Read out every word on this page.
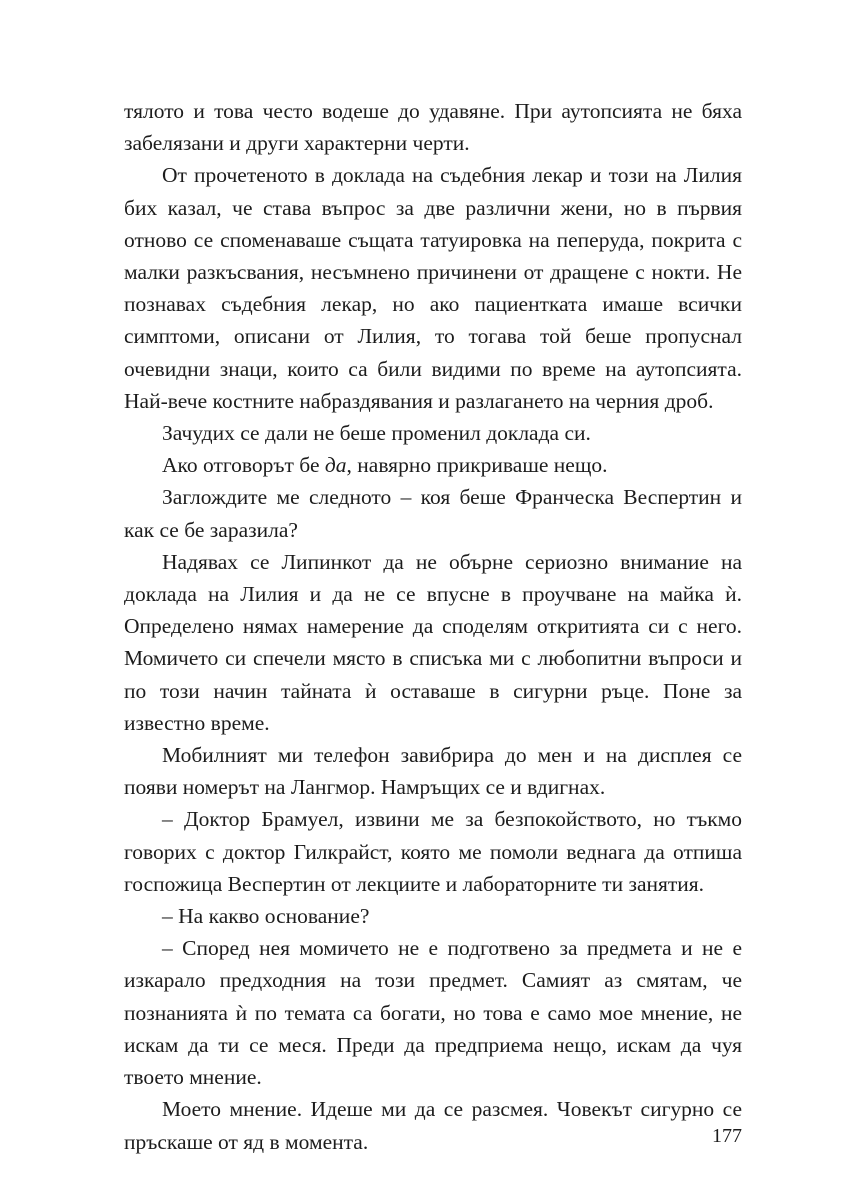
тялото и това често водеше до удавяне. При аутопсията не бяха забелязани и други характерни черти.

От прочетеното в доклада на съдебния лекар и този на Лилия бих казал, че става въпрос за две различни жени, но в първия отново се споменаваше същата татуировка на пеперуда, покрита с малки разкъсвания, несъмнено причинени от дращене с нокти. Не познавах съдебния лекар, но ако пациентката имаше всички симптоми, описани от Лилия, то тогава той беше пропуснал очевидни знаци, които са били видими по време на аутопсията. Най-вече костните набраздявания и разлагането на черния дроб.

Зачудих се дали не беше променил доклада си.

Ако отговорът бе да, навярно прикриваше нещо.

Заглождите ме следното – коя беше Франческа Веспертин и как се бе заразила?

Надявах се Липинкот да не обърне сериозно внимание на доклада на Лилия и да не се впусне в проучване на майка ѝ. Определено нямах намерение да споделям откритията си с него. Момичето си спечели място в списъка ми с любопитни въпроси и по този начин тайната ѝ оставаше в сигурни ръце. Поне за известно време.

Мобилният ми телефон завибрира до мен и на дисплея се появи номерът на Лангмор. Намръщих се и вдигнах.

– Доктор Брамуел, извини ме за безпокойството, но тъкмо говорих с доктор Гилкрайст, която ме помоли веднага да отпиша госпожица Веспертин от лекциите и лабораторните ти занятия.

– На какво основание?

– Според нея момичето не е подготвено за предмета и не е изкарало предходния на този предмет. Самият аз смятам, че познанията ѝ по темата са богати, но това е само мое мнение, не искам да ти се меся. Преди да предприема нещо, искам да чуя твоето мнение.

Моето мнение. Идеше ми да се разсмея. Човекът сигурно се пръскаше от яд в момента.	177
